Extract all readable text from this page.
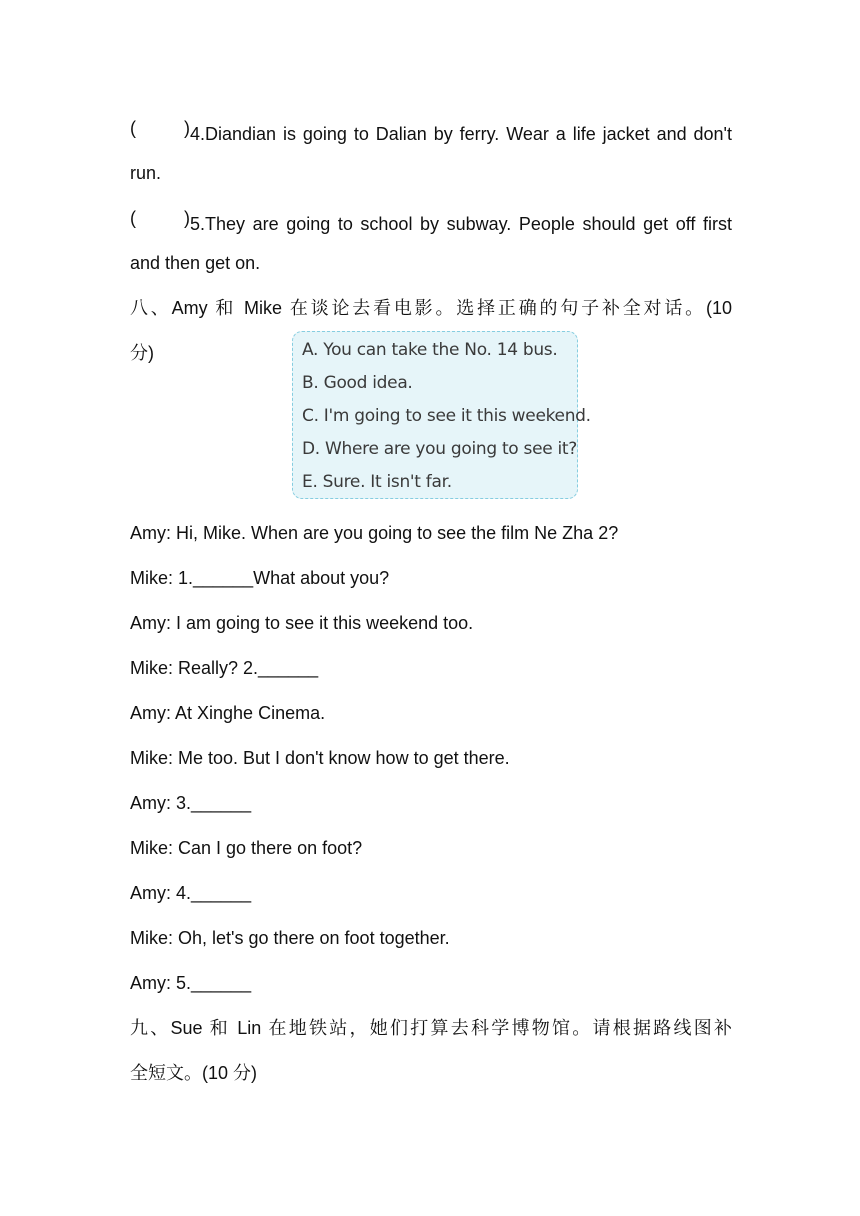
(	) 4.Diandian is going to Dalian by ferry. Wear a life jacket and don't
run.
(	) 5.They are going to school by subway. People should get off first
and then get on.
八、Amy 和 Mike 在谈论去看电影。选择正确的句子补全对话。(10
分)
Amy: Hi, Mike. When are you going to see the film Ne Zha 2?
Mike: 1.______What about you?
Amy: I am going to see it this weekend too.
Mike: Really? 2.______
Amy: At Xinghe Cinema.
Mike: Me too. But I don't know how to get there.
Amy: 3.______
Mike: Can I go there on foot?
Amy: 4.______
Mike: Oh, let's go there on foot together.
Amy: 5.______
九、Sue 和 Lin 在地铁站，她们打算去科学博物馆。请根据路线图补
全短文。(10 分)
A. You can take the No. 14 bus.
B. Good idea.
C. I'm going to see it this weekend.
D. Where are you going to see it?
E. Sure. It isn't far.
